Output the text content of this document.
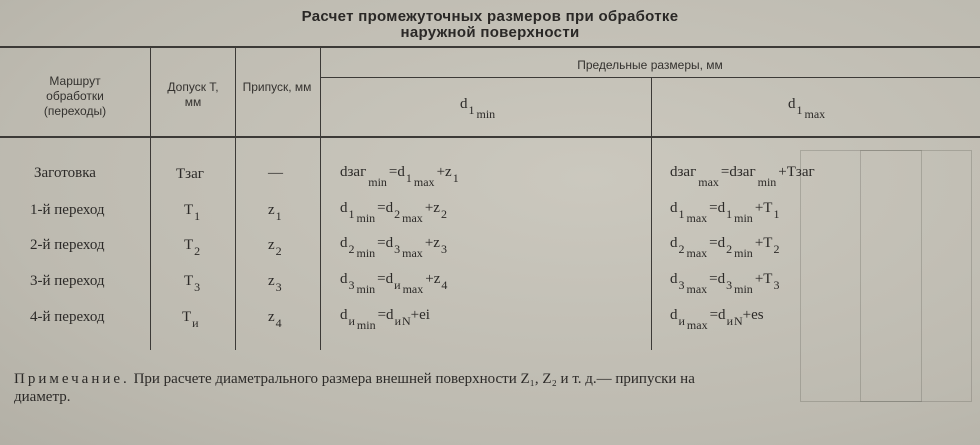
Расчет промежуточных размеров при обработке
наружной поверхности
Маршрут обработки (переходы)
Допуск Т, мм
Припуск, мм
Предельные размеры, мм
$d_1$ $_{min}$
$d_1$ $_{max}$
Заготовка	Tзаг	—	$dзаг_{min}=d_1$ $_{max}+z_1$	dзаг$_{max}$=dзаг$_{min}$+Tзаг
1-й переход	$T_1$	$z_1$	$d_1$ $_{min}=d_2$ $_{max}+z_2$	$d_1$ $_{max}=d_1$ $_{min}+T_1$
2-й переход	$T_2$	$z_2$	$d_2$ $_{min}=d_3$ $_{max}+z_3$	$d_2$ $_{max}=d_2$ $_{min}+T_2$
3-й переход	$T_3$	$z_3$	$d_3$ $_{min}=d_и$ $_{max}+z_4$	$d_3$ $_{max}=d_3$ $_{min}+T_3$
4-й переход	$T_и$	$z_4$	$d_и$ $_{min}=d_{иN}+ei$	$d_и$ $_{max}=d_{иN}+es$
Примечание. При расчете диаметрального размера внешней поверхности Z₁, Z₂ и т. д.— припуски на
диаметр.
